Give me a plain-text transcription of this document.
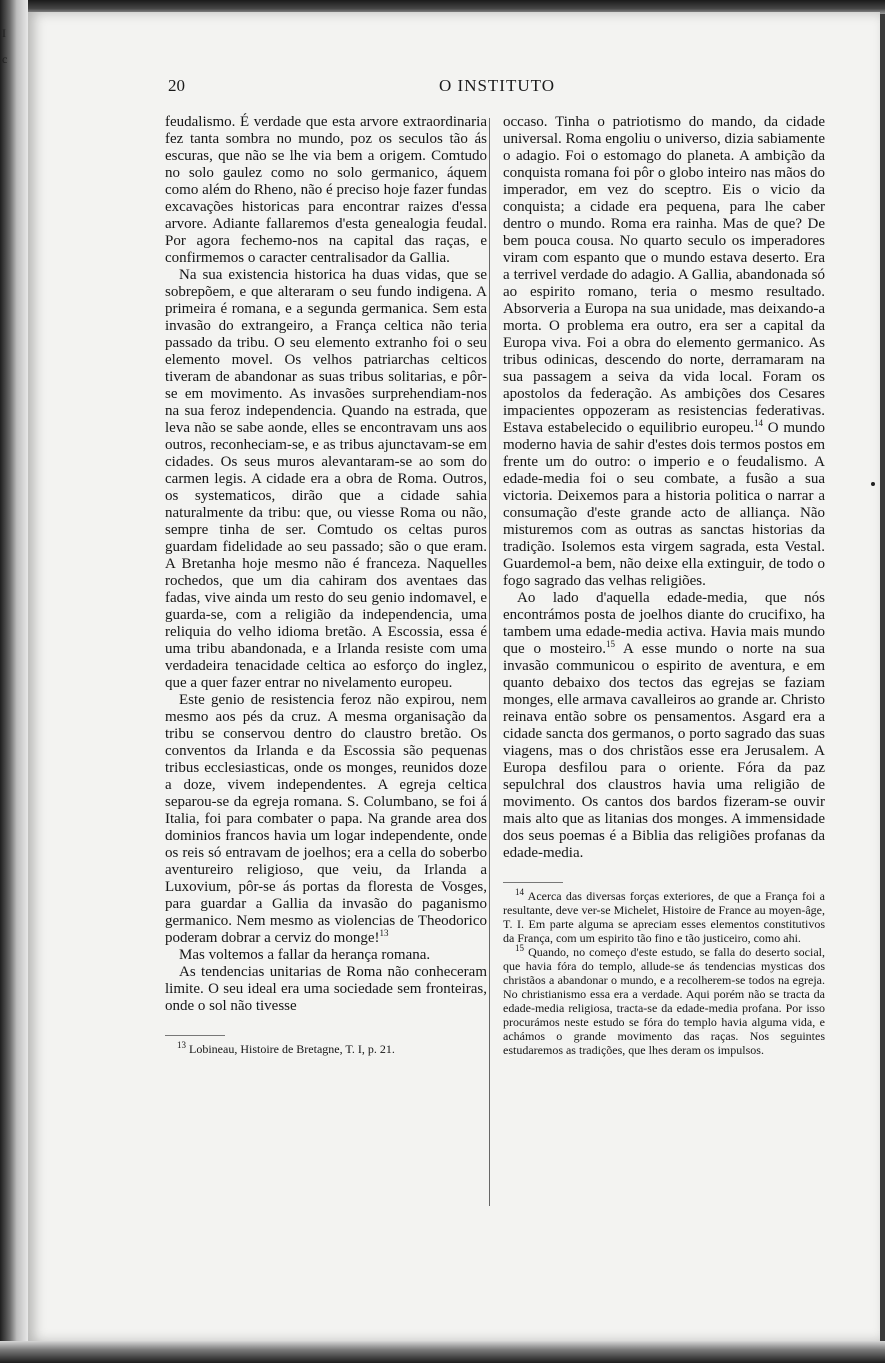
I
c
20	O INSTITUTO

feudalismo. É verdade que esta arvore extraordinaria fez tanta sombra no mundo, poz os seculos tão ás escuras, que não se lhe via bem a origem. Comtudo no solo gaulez como no solo germanico, áquem como além do Rheno, não é preciso hoje fazer fundas excavações historicas para encontrar raizes d'essa arvore. Adiante fallaremos d'esta genealogia feudal. Por agora fechemo-nos na capital das raças, e confirmemos o caracter centralisador da Gallia.

Na sua existencia historica ha duas vidas, que se sobrepõem, e que alteraram o seu fundo indigena. A primeira é romana, e a segunda germanica. Sem esta invasão do extrangeiro, a França celtica não teria passado da tribu. O seu elemento extranho foi o seu elemento movel. Os velhos patriarchas celticos tiveram de abandonar as suas tribus solitarias, e pôr-se em movimento. As invasões surprehendiam-nos na sua feroz independencia. Quando na estrada, que leva não se sabe aonde, elles se encontravam uns aos outros, reconheciam-se, e as tribus ajunctavam-se em cidades. Os seus muros alevantaram-se ao som do carmen legis. A cidade era a obra de Roma. Outros, os systematicos, dirão que a cidade sahia naturalmente da tribu: que, ou viesse Roma ou não, sempre tinha de ser. Comtudo os celtas puros guardam fidelidade ao seu passado; são o que eram. A Bretanha hoje mesmo não é franceza. Naquelles rochedos, que um dia cahiram dos aventaes das fadas, vive ainda um resto do seu genio indomavel, e guarda-se, com a religião da independencia, uma reliquia do velho idioma bretão. A Escossia, essa é uma tribu abandonada, e a Irlanda resiste com uma verdadeira tenacidade celtica ao esforço do inglez, que a quer fazer entrar no nivelamento europeu.

Este genio de resistencia feroz não expirou, nem mesmo aos pés da cruz. A mesma organisação da tribu se conservou dentro do claustro bretão. Os conventos da Irlanda e da Escossia são pequenas tribus ecclesiasticas, onde os monges, reunidos doze a doze, vivem independentes. A egreja celtica separou-se da egreja romana. S. Columbano, se foi á Italia, foi para combater o papa. Na grande area dos dominios francos havia um logar independente, onde os reis só entravam de joelhos; era a cella do soberbo aventureiro religioso, que veiu, da Irlanda a Luxovium, pôr-se ás portas da floresta de Vosges, para guardar a Gallia da invasão do paganismo germanico. Nem mesmo as violencias de Theodorico poderam dobrar a cerviz do monge!$^{13}$

Mas voltemos a fallar da herança romana.

As tendencias unitarias de Roma não conheceram limite. O seu ideal era uma sociedade sem fronteiras, onde o sol não tivesse

$^{13}$ Lobineau, Histoire de Bretagne, T. I, p. 21.

occaso. Tinha o patriotismo do mando, da cidade universal. Roma engoliu o universo, dizia sabiamente o adagio. Foi o estomago do planeta. A ambição da conquista romana foi pôr o globo inteiro nas mãos do imperador, em vez do sceptro. Eis o vicio da conquista; a cidade era pequena, para lhe caber dentro o mundo. Roma era rainha. Mas de que? De bem pouca cousa. No quarto seculo os imperadores viram com espanto que o mundo estava deserto. Era a terrivel verdade do adagio. A Gallia, abandonada só ao espirito romano, teria o mesmo resultado. Absorveria a Europa na sua unidade, mas deixando-a morta. O problema era outro, era ser a capital da Europa viva. Foi a obra do elemento germanico. As tribus odinicas, descendo do norte, derramaram na sua passagem a seiva da vida local. Foram os apostolos da federação. As ambições dos Cesares impacientes oppozeram as resistencias federativas. Estava estabelecido o equilibrio europeu.$^{14}$ O mundo moderno havia de sahir d'estes dois termos postos em frente um do outro: o imperio e o feudalismo. A edade-media foi o seu combate, a fusão a sua victoria. Deixemos para a historia politica o narrar a consumação d'este grande acto de alliança. Não misturemos com as outras as sanctas historias da tradição. Isolemos esta virgem sagrada, esta Vestal. Guardemol-a bem, não deixe ella extinguir, de todo o fogo sagrado das velhas religiões.

Ao lado d'aquella edade-media, que nós encontrámos posta de joelhos diante do crucifixo, ha tambem uma edade-media activa. Havia mais mundo que o mosteiro.$^{15}$ A esse mundo o norte na sua invasão communicou o espirito de aventura, e em quanto debaixo dos tectos das egrejas se faziam monges, elle armava cavalleiros ao grande ar. Christo reinava então sobre os pensamentos. Asgard era a cidade sancta dos germanos, o porto sagrado das suas viagens, mas o dos christãos esse era Jerusalem. A Europa desfilou para o oriente. Fóra da paz sepulchral dos claustros havia uma religião de movimento. Os cantos dos bardos fizeram-se ouvir mais alto que as litanias dos monges. A immensidade dos seus poemas é a Biblia das religiões profanas da edade-media.

$^{14}$ Acerca das diversas forças exteriores, de que a França foi a resultante, deve ver-se Michelet, Histoire de France au moyen-âge, T. I. Em parte alguma se apreciam esses elementos constitutivos da França, com um espirito tão fino e tão justiceiro, como ahi.

$^{15}$ Quando, no começo d'este estudo, se falla do deserto social, que havia fóra do templo, allude-se ás tendencias mysticas dos christãos a abandonar o mundo, e a recolherem-se todos na egreja. No christianismo essa era a verdade. Aqui porém não se tracta da edade-media religiosa, tracta-se da edade-media profana. Por isso procurámos neste estudo se fóra do templo havia alguma vida, e achámos o grande movimento das raças. Nos seguintes estudaremos as tradições, que lhes deram os impulsos.
